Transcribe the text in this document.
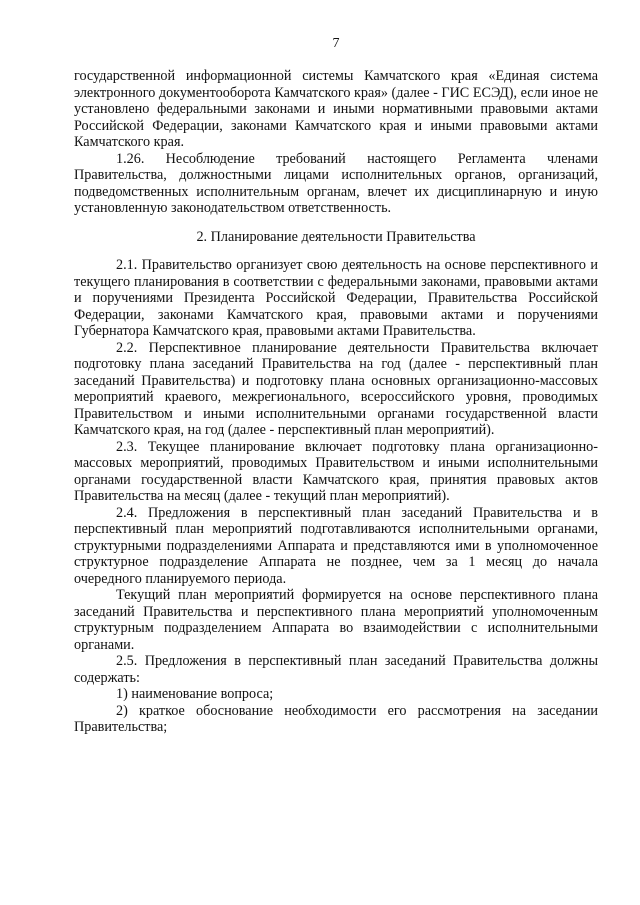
7

государственной информационной системы Камчатского края «Единая система электронного документооборота Камчатского края» (далее - ГИС ЕСЭД), если иное не установлено федеральными законами и иными нормативными правовыми актами Российской Федерации, законами Камчатского края и иными правовыми актами Камчатского края.

1.26. Несоблюдение требований настоящего Регламента членами Правительства, должностными лицами исполнительных органов, организаций, подведомственных исполнительным органам, влечет их дисциплинарную и иную установленную законодательством ответственность.

2. Планирование деятельности Правительства

2.1. Правительство организует свою деятельность на основе перспективного и текущего планирования в соответствии с федеральными законами, правовыми актами и поручениями Президента Российской Федерации, Правительства Российской Федерации, законами Камчатского края, правовыми актами и поручениями Губернатора Камчатского края, правовыми актами Правительства.

2.2. Перспективное планирование деятельности Правительства включает подготовку плана заседаний Правительства на год (далее - перспективный план заседаний Правительства) и подготовку плана основных организационно-массовых мероприятий краевого, межрегионального, всероссийского уровня, проводимых Правительством и иными исполнительными органами государственной власти Камчатского края, на год (далее - перспективный план мероприятий).

2.3. Текущее планирование включает подготовку плана организационно-массовых мероприятий, проводимых Правительством и иными исполнительными органами государственной власти Камчатского края, принятия правовых актов Правительства на месяц (далее - текущий план мероприятий).

2.4. Предложения в перспективный план заседаний Правительства и в перспективный план мероприятий подготавливаются исполнительными органами, структурными подразделениями Аппарата и представляются ими в уполномоченное структурное подразделение Аппарата не позднее, чем за 1 месяц до начала очередного планируемого периода.

Текущий план мероприятий формируется на основе перспективного плана заседаний Правительства и перспективного плана мероприятий уполномоченным структурным подразделением Аппарата во взаимодействии с исполнительными органами.

2.5. Предложения в перспективный план заседаний Правительства должны содержать:

1) наименование вопроса;

2) краткое обоснование необходимости его рассмотрения на заседании Правительства;
